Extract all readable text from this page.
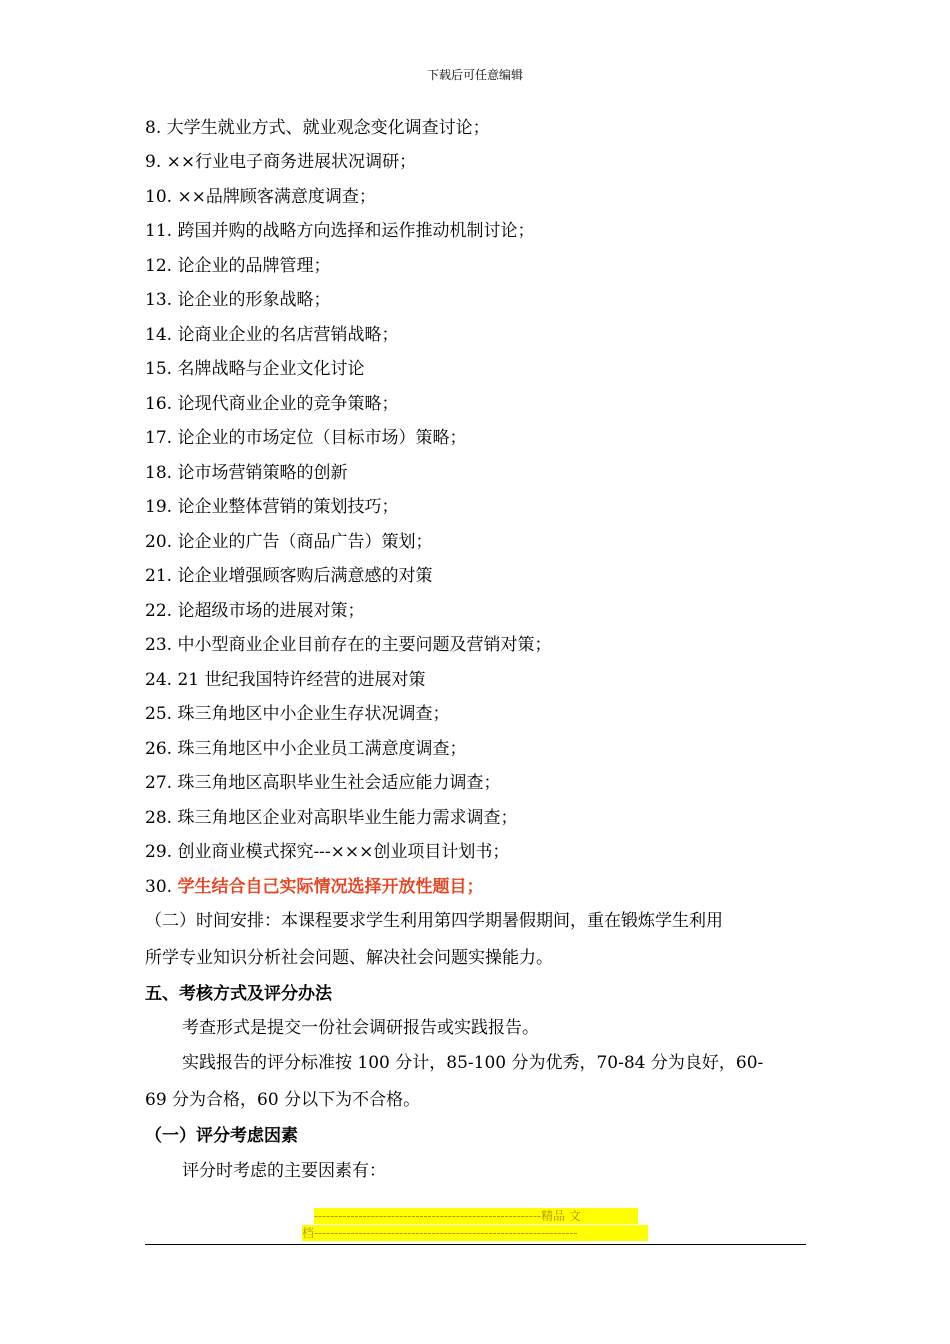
下载后可任意编辑
8. 大学生就业方式、就业观念变化调查讨论；
9. ××行业电子商务进展状况调研；
10. ××品牌顾客满意度调查；
11. 跨国并购的战略方向选择和运作推动机制讨论；
12. 论企业的品牌管理；
13. 论企业的形象战略；
14. 论商业企业的名店营销战略；
15. 名牌战略与企业文化讨论
16. 论现代商业企业的竞争策略；
17. 论企业的市场定位（目标市场）策略；
18. 论市场营销策略的创新
19. 论企业整体营销的策划技巧；
20. 论企业的广告（商品广告）策划；
21. 论企业增强顾客购后满意感的对策
22. 论超级市场的进展对策；
23. 中小型商业企业目前存在的主要问题及营销对策；
24. 21 世纪我国特许经营的进展对策
25. 珠三角地区中小企业生存状况调查；
26. 珠三角地区中小企业员工满意度调查；
27. 珠三角地区高职毕业生社会适应能力调查；
28. 珠三角地区企业对高职毕业生能力需求调查；
29. 创业商业模式探究---×××创业项目计划书；
30. 学生结合自己实际情况选择开放性题目；
（二）时间安排：本课程要求学生利用第四学期暑假期间，重在锻炼学生利用
所学专业知识分析社会问题、解决社会问题实操能力。
五、考核方式及评分办法
考查形式是提交一份社会调研报告或实践报告。
实践报告的评分标准按 100 分计，85-100 分为优秀，70-84 分为良好，60-
69 分为合格，60 分以下为不合格。
（一）评分考虑因素
评分时考虑的主要因素有：
--------------------------------------------------------精品 文
档-----------------------------------------------------------------
